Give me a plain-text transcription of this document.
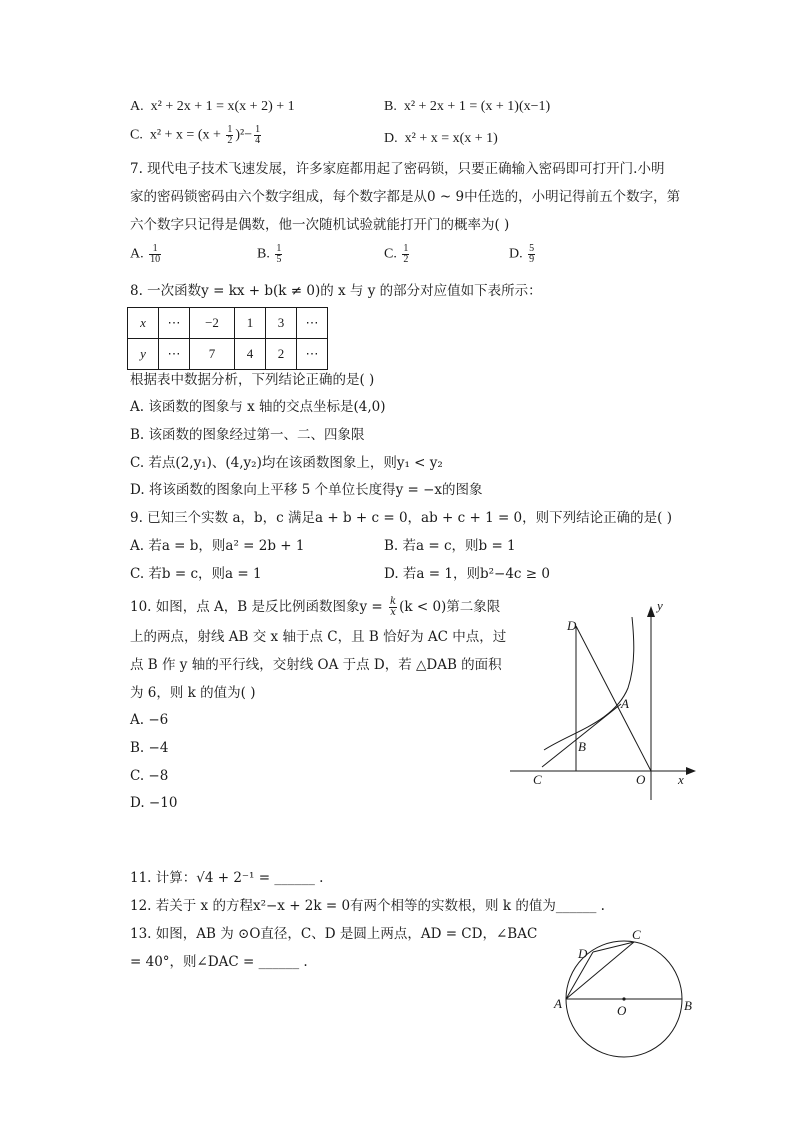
A. x² + 2x + 1 = x(x + 2) + 1	B. x² + 2x + 1 = (x + 1)(x−1)
C. $x^2 + x = (x + \frac{1}{2} )^2- \frac{1}{4}$	D. x² + x = x(x + 1)
7. 现代电子技术飞速发展，许多家庭都用起了密码锁，只要正确输入密码即可打开门.小明
家的密码锁密码由六个数字组成，每个数字都是从0 ~ 9中任选的，小明记得前五个数字，第
六个数字只记得是偶数，他一次随机试验就能打开门的概率为( )
A. $\frac{1}{10}$	B. $\frac{1}{5}$	C. $\frac{1}{2}$	D. $\frac{5}{9}$
8. 一次函数y = kx + b(k ≠ 0)的 x 与 y 的部分对应值如下表所示：
x	⋯	−2	1	3	⋯
y	⋯	7	4	2	⋯
根据表中数据分析，下列结论正确的是( )
A. 该函数的图象与 x 轴的交点坐标是(4,0)
B. 该函数的图象经过第一、二、四象限
C. 若点(2,y₁)、(4,y₂)均在该函数图象上，则y₁ < y₂
D. 将该函数的图象向上平移 5 个单位长度得y = −x的图象
9. 已知三个实数 a，b，c 满足a + b + c = 0，ab + c + 1 = 0，则下列结论正确的是( )
A. 若a = b，则a² = 2b + 1	B. 若a = c，则b = 1
C. 若b = c，则a = 1	D. 若a = 1，则b²−4c ≥ 0
10. 如图，点 A，B 是反比例函数图象$y = \frac{k}{x} (k < 0)$第二象限
上的两点，射线 AB 交 x 轴于点 C，且 B 恰好为 AC 中点，过
点 B 作 y 轴的平行线，交射线 OA 于点 D，若 △DAB 的面积
为 6，则 k 的值为( )
A. −6
B. −4
C. −8
D. −10
y
x
D
A
B
C	O
11. 计算：√4 + 2⁻¹ = ______ .
12. 若关于 x 的方程x²−x + 2k = 0有两个相等的实数根，则 k 的值为______ .
13. 如图，AB 为 ⊙O直径，C、D 是圆上两点，AD = CD，∠BAC
= 40°，则∠DAC = ______ .
A	B
C
D
O
